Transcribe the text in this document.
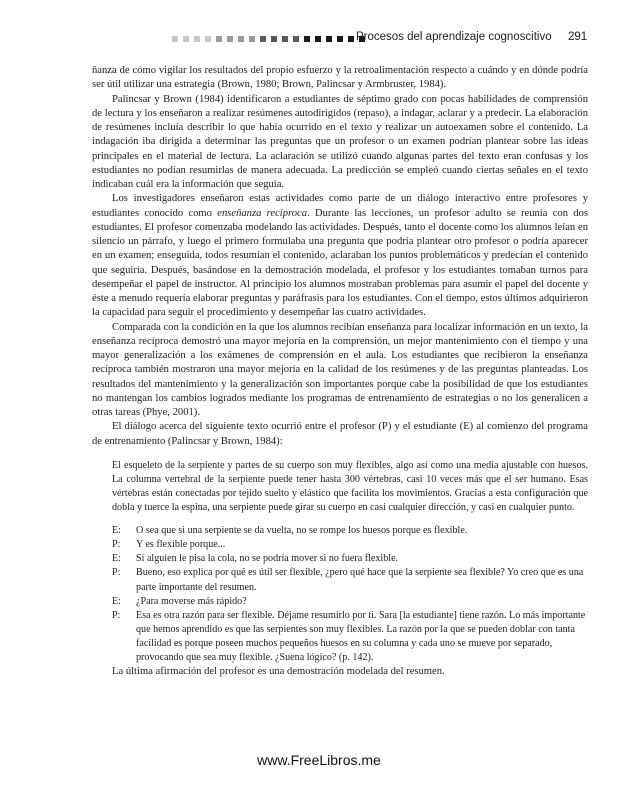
Procesos del aprendizaje cognoscitivo 291

ñanza de cómo vigilar los resultados del propio esfuerzo y la retroalimentación respecto a cuándo y en dónde podría ser útil utilizar una estrategia (Brown, 1980; Brown, Palincsar y Armbruster, 1984).

Palincsar y Brown (1984) identificaron a estudiantes de séptimo grado con pocas habilidades de comprensión de lectura y los enseñaron a realizar resúmenes autodirigidos (repaso), a indagar, aclarar y a predecir. La elaboración de resúmenes incluía describir lo que había ocurrido en el texto y realizar un autoexamen sobre el contenido. La indagación iba dirigida a determinar las preguntas que un profesor o un examen podrían plantear sobre las ideas principales en el material de lectura. La aclaración se utilizó cuando algunas partes del texto eran confusas y los estudiantes no podían resumirlas de manera adecuada. La predicción se empleó cuando ciertas señales en el texto indicaban cuál era la información que seguía.

Los investigadores enseñaron estas actividades como parte de un diálogo interactivo entre profesores y estudiantes conocido como enseñanza recíproca. Durante las lecciones, un profesor adulto se reunía con dos estudiantes. El profesor comenzaba modelando las actividades. Después, tanto el docente como los alumnos leían en silencio un párrafo, y luego el primero formulaba una pregunta que podría plantear otro profesor o podría aparecer en un examen; enseguida, todos resumían el contenido, aclaraban los puntos problemáticos y predecían el contenido que seguiría. Después, basándose en la demostración modelada, el profesor y los estudiantes tomaban turnos para desempeñar el papel de instructor. Al principio los alumnos mostraban problemas para asumir el papel del docente y éste a menudo requería elaborar preguntas y paráfrasis para los estudiantes. Con el tiempo, estos últimos adquirieron la capacidad para seguir el procedimiento y desempeñar las cuatro actividades.

Comparada con la condición en la que los alumnos recibían enseñanza para localizar información en un texto, la enseñanza recíproca demostró una mayor mejoría en la comprensión, un mejor mantenimiento con el tiempo y una mayor generalización a los exámenes de comprensión en el aula. Los estudiantes que recibieron la enseñanza recíproca también mostraron una mayor mejoría en la calidad de los resúmenes y de las preguntas planteadas. Los resultados del mantenimiento y la generalización son importantes porque cabe la posibilidad de que los estudiantes no mantengan los cambios logrados mediante los programas de entrenamiento de estrategias o no los generalicen a otras tareas (Phye, 2001).

El diálogo acerca del siguiente texto ocurrió entre el profesor (P) y el estudiante (E) al comienzo del programa de entrenamiento (Palincsar y Brown, 1984):

El esqueleto de la serpiente y partes de su cuerpo son muy flexibles, algo así como una media ajustable con huesos. La columna vertebral de la serpiente puede tener hasta 300 vértebras, casi 10 veces más que el ser humano. Esas vértebras están conectadas por tejido suelto y elástico que facilita los movimientos. Gracias a esta configuración que dobla y tuerce la espina, una serpiente puede girar su cuerpo en casi cualquier dirección, y casi en cualquier punto.

E:	O sea que si una serpiente se da vuelta, no se rompe los huesos porque es flexible.
P:	Y es flexible porque...
E:	Si alguien le pisa la cola, no se podría mover si no fuera flexible.
P:	Bueno, eso explica por qué es útil ser flexible, ¿pero qué hace que la serpiente sea flexible? Yo creo que es una parte importante del resumen.
E:	¿Para moverse más rápido?
P:	Esa es otra razón para ser flexible. Déjame resumirlo por ti. Sara [la estudiante] tiene razón. Lo más importante que hemos aprendido es que las serpientes son muy flexibles. La razón por la que se pueden doblar con tanta facilidad es porque poseen muchos pequeños huesos en su columna y cada uno se mueve por separado, provocando que sea muy flexible. ¿Suena lógico? (p. 142).

La última afirmación del profesor es una demostración modelada del resumen.

www.FreeLibros.me
